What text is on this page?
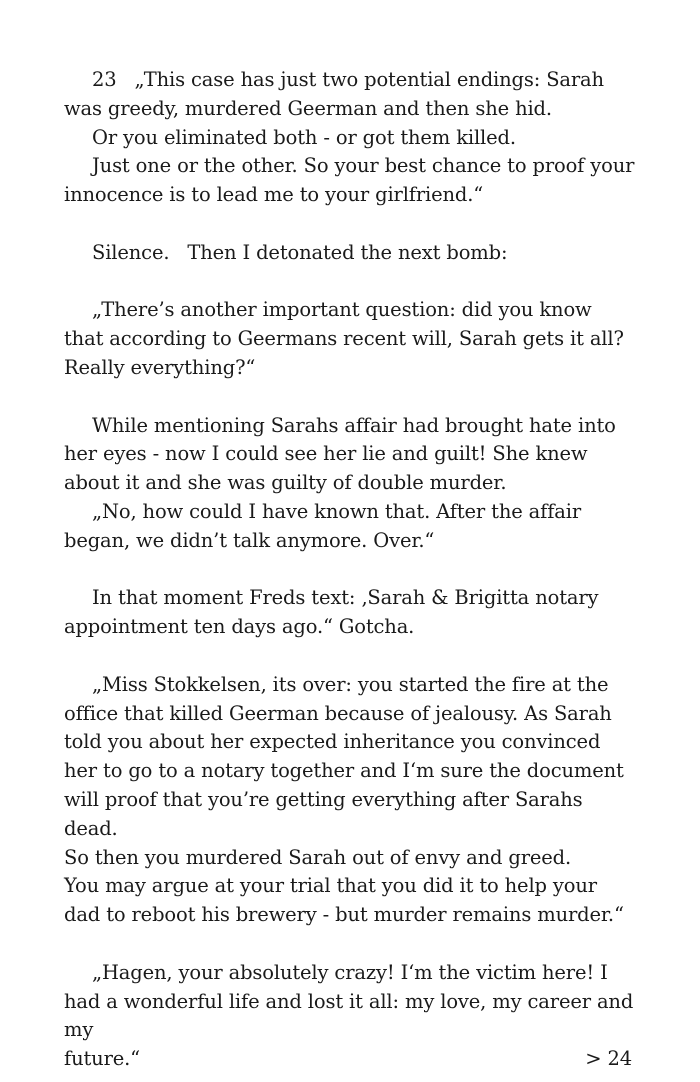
23 „This case has just two potential endings: Sarah was greedy, murdered Geerman and then she hid.

Or you eliminated both - or got them killed.

Just one or the other. So your best chance to proof your innocence is to lead me to your girlfriend.“

Silence. Then I detonated the next bomb:

„There’s another important question: did you know that according to Geermans recent will, Sarah gets it all? Really everything?“

While mentioning Sarahs affair had brought hate into her eyes - now I could see her lie and guilt! She knew about it and she was guilty of double murder.

„No, how could I have known that. After the affair began, we didn’t talk anymore. Over.“

In that moment Freds text: ‚Sarah & Brigitta notary appointment ten days ago.“ Gotcha.

„Miss Stokkelsen, its over: you started the fire at the office that killed Geerman because of jealousy. As Sarah told you about her expected inheritance you convinced her to go to a notary together and I‘m sure the document will proof that you’re getting everything after Sarahs dead.

So then you murdered Sarah out of envy and greed.

You may argue at your trial that you did it to help your dad to reboot his brewery - but murder remains murder.“

„Hagen, your absolutely crazy! I‘m the victim here! I had a wonderful life and lost it all: my love, my career and my

future.“	> 24
